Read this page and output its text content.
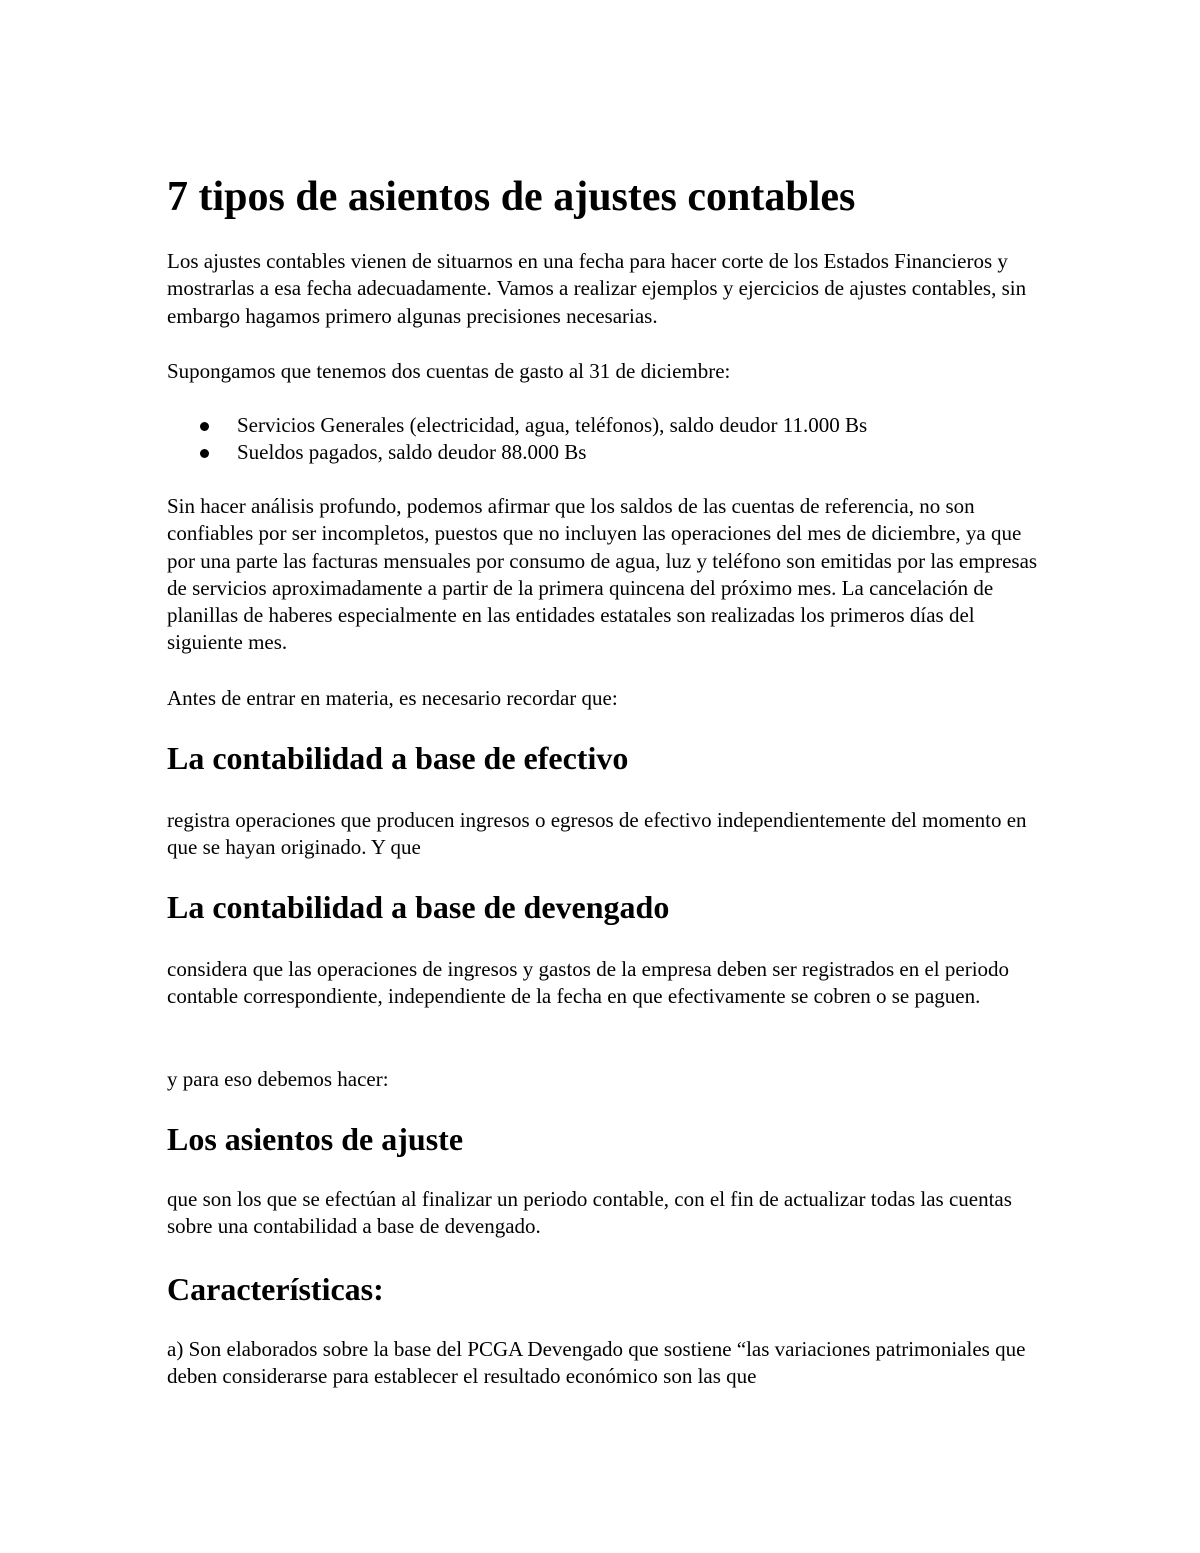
7 tipos de asientos de ajustes contables

Los ajustes contables vienen de situarnos en una fecha para hacer corte de los Estados Financieros y mostrarlas a esa fecha adecuadamente. Vamos a realizar ejemplos y ejercicios de ajustes contables, sin embargo hagamos primero algunas precisiones necesarias.

Supongamos que tenemos dos cuentas de gasto al 31 de diciembre:

Servicios Generales (electricidad, agua, teléfonos), saldo deudor 11.000 Bs
Sueldos pagados, saldo deudor 88.000 Bs

Sin hacer análisis profundo, podemos afirmar que los saldos de las cuentas de referencia, no son confiables por ser incompletos, puestos que no incluyen las operaciones del mes de diciembre, ya que por una parte las facturas mensuales por consumo de agua, luz y teléfono son emitidas por las empresas de servicios aproximadamente a partir de la primera quincena del próximo mes. La cancelación de planillas de haberes especialmente en las entidades estatales son realizadas los primeros días del siguiente mes.

Antes de entrar en materia, es necesario recordar que:

La contabilidad a base de efectivo

registra operaciones que producen ingresos o egresos de efectivo independientemente del momento en que se hayan originado. Y que

La contabilidad a base de devengado

considera que las operaciones de ingresos y gastos de la empresa deben ser registrados en el periodo contable correspondiente, independiente de la fecha en que efectivamente se cobren o se paguen.

y para eso debemos hacer:

Los asientos de ajuste

que son los que se efectúan al finalizar un periodo contable, con el fin de actualizar todas las cuentas sobre una contabilidad a base de devengado.

Características:

a) Son elaborados sobre la base del PCGA Devengado que sostiene “las variaciones patrimoniales que deben considerarse para establecer el resultado económico son las que
